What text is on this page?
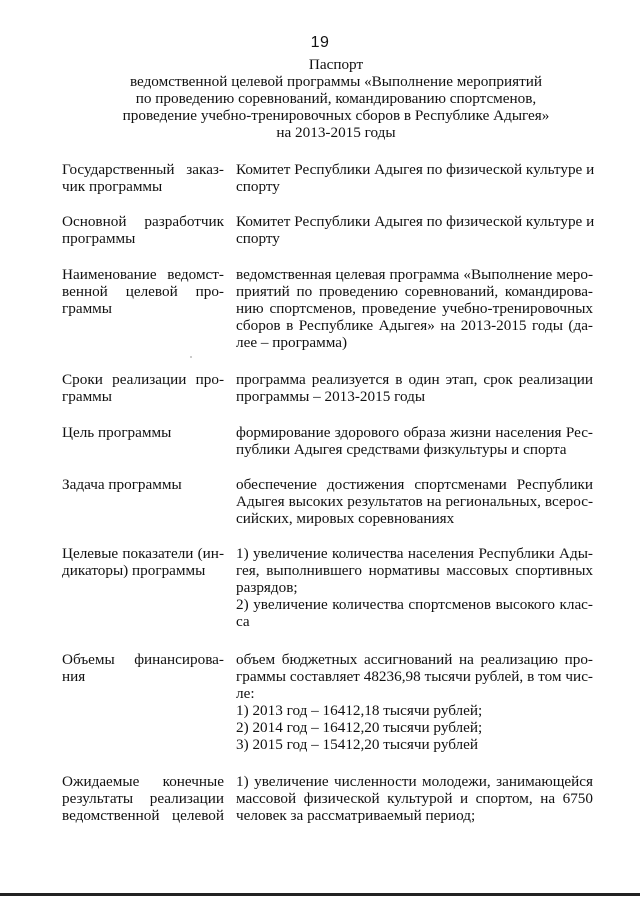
19
Паспорт
ведомственной целевой программы «Выполнение мероприятий
по проведению соревнований, командированию спортсменов,
проведение учебно-тренировочных сборов в Республике Адыгея»
на 2013-2015 годы
Государственный заказ-
чик программы
Комитет Республики Адыгея по физической культуре и
спорту
Основной разработчик
программы
Комитет Республики Адыгея по физической культуре и
спорту
Наименование ведомст-
венной целевой про-
граммы
ведомственная целевая программа «Выполнение меро-
приятий по проведению соревнований, командирова-
нию спортсменов, проведение учебно-тренировочных
сборов в Республике Адыгея» на 2013-2015 годы (да-
лее – программа)
Сроки реализации про-
граммы
программа реализуется в один этап, срок реализации
программы – 2013-2015 годы
Цель программы	формирование здорового образа жизни населения Рес-
публики Адыгея средствами физкультуры и спорта
Задача программы	обеспечение достижения спортсменами Республики
Адыгея высоких результатов на региональных, всерос-
сийских, мировых соревнованиях
Целевые показатели (ин-
дикаторы) программы
1) увеличение количества населения Республики Ады-
гея, выполнившего нормативы массовых спортивных
разрядов;
2) увеличение количества спортсменов высокого клас-
са
Объемы финансирова-
ния
объем бюджетных ассигнований на реализацию про-
граммы составляет 48236,98 тысячи рублей, в том чис-
ле:
1) 2013 год – 16412,18 тысячи рублей;
2) 2014 год – 16412,20 тысячи рублей;
3) 2015 год – 15412,20 тысячи рублей
Ожидаемые конечные
результаты реализации
ведомственной целевой
1) увеличение численности молодежи, занимающейся
массовой физической культурой и спортом, на 6750
человек за рассматриваемый период;
